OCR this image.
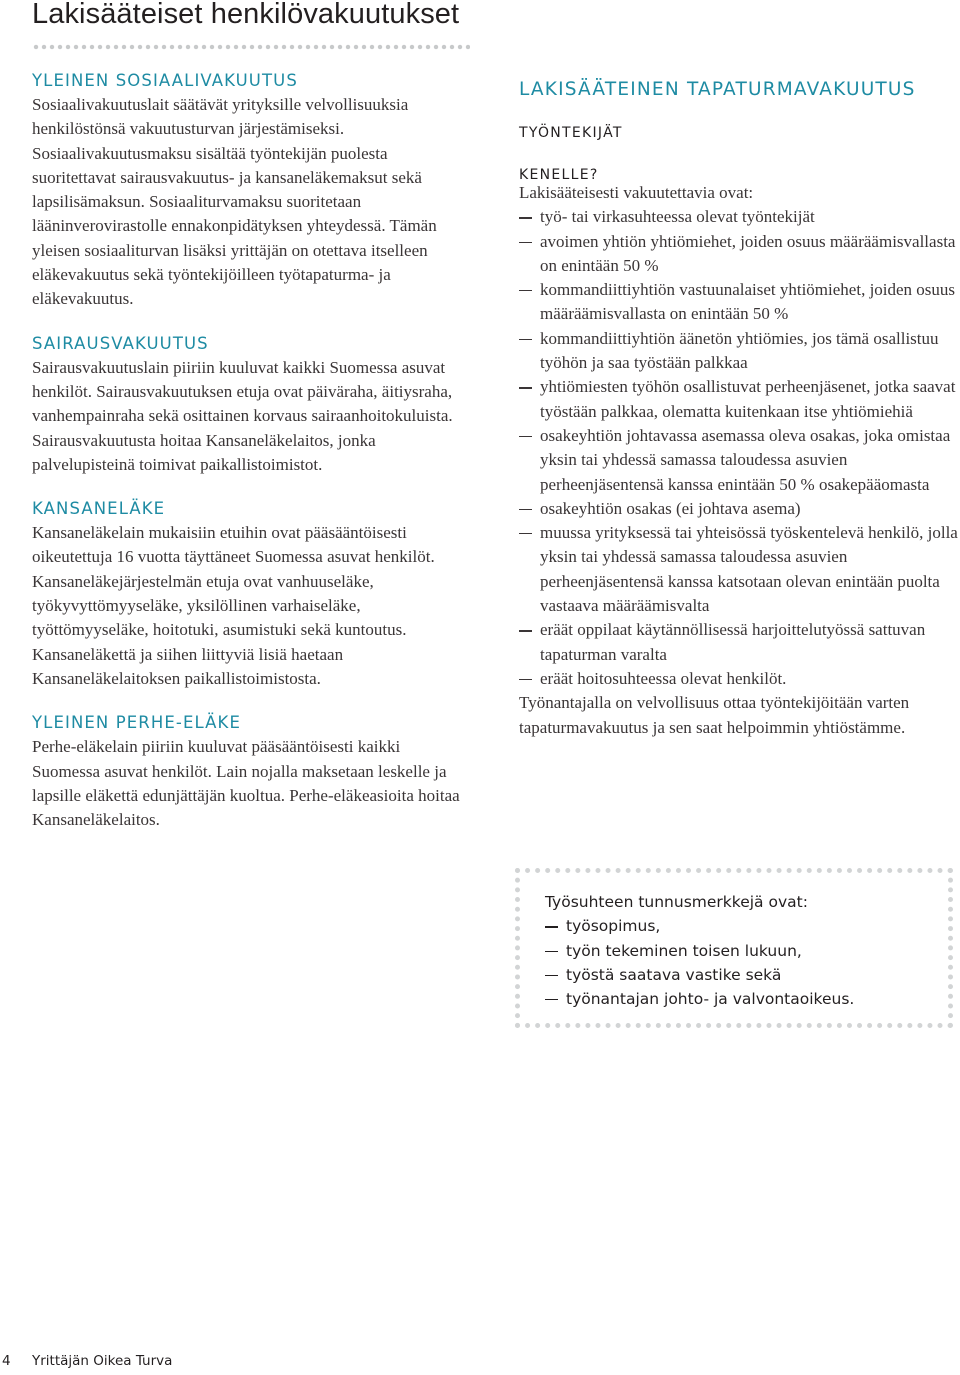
Lakisääteiset henkilövakuutukset
YLEINEN SOSIAALIVAKUUTUS

Sosiaalivakuutuslait säätävät yrityksille velvollisuuksia henkilöstönsä vakuutusturvan järjestämiseksi. Sosiaalivakuutusmaksu sisältää työntekijän puolesta suoritettavat sairausvakuutus- ja kansaneläkemaksut sekä lapsilisämaksun. Sosiaaliturvamaksu suoritetaan lääninverovirastolle ennakonpidätyksen yhteydessä. Tämän yleisen sosiaaliturvan lisäksi yrittäjän on otettava itselleen eläkevakuutus sekä työntekijöilleen työtapaturma- ja eläkevakuutus.

SAIRAUSVAKUUTUS

Sairausvakuutuslain piiriin kuuluvat kaikki Suomessa asuvat henkilöt. Sairausvakuutuksen etuja ovat päiväraha, äitiysraha, vanhempainraha sekä osittainen korvaus sairaanhoitokuluista. Sairausvakuutusta hoitaa Kansaneläkelaitos, jonka palvelupisteinä toimivat paikallistoimistot.

KANSANELÄKE

Kansaneläkelain mukaisiin etuihin ovat pääsääntöisesti oikeutettuja 16 vuotta täyttäneet Suomessa asuvat henkilöt. Kansaneläkejärjestelmän etuja ovat vanhuuseläke, työkyvyttömyyseläke, yksilöllinen varhaiseläke, työttömyyseläke, hoitotuki, asumistuki sekä kuntoutus. Kansaneläkettä ja siihen liittyviä lisiä haetaan Kansaneläkelaitoksen paikallistoimistosta.

YLEINEN PERHE-ELÄKE

Perhe-eläkelain piiriin kuuluvat pääsääntöisesti kaikki Suomessa asuvat henkilöt. Lain nojalla maksetaan leskelle ja lapsille eläkettä edunjättäjän kuoltua. Perhe-eläkeasioita hoitaa Kansaneläkelaitos.

LAKISÄÄTEINEN TAPATURMAVAKUUTUS
TYÖNTEKIJÄT
KENELLE?

Lakisääteisesti vakuutettavia ovat:

työ- tai virkasuhteessa olevat työntekijät
avoimen yhtiön yhtiömiehet, joiden osuus määräämisvallasta on enintään 50 %
kommandiittiyhtiön vastuunalaiset yhtiömiehet, joiden osuus määräämisvallasta on enintään 50 %
kommandiittiyhtiön äänetön yhtiömies, jos tämä osallistuu työhön ja saa työstään palkkaa
yhtiömiesten työhön osallistuvat perheenjäsenet, jotka saavat työstään palkkaa, olematta kuitenkaan itse yhtiömiehiä
osakeyhtiön johtavassa asemassa oleva osakas, joka omistaa yksin tai yhdessä samassa taloudessa asuvien perheenjäsentensä kanssa enintään 50 % osakepääomasta
osakeyhtiön osakas (ei johtava asema)
muussa yrityksessä tai yhteisössä työskentelevä henkilö, jolla yksin tai yhdessä samassa taloudessa asuvien perheenjäsentensä kanssa katsotaan olevan enintään puolta vastaava määräämisvalta
eräät oppilaat käytännöllisessä harjoittelutyössä sattuvan tapaturman varalta
eräät hoitosuhteessa olevat henkilöt.

Työnantajalla on velvollisuus ottaa työntekijöitään varten tapaturmavakuutus ja sen saat helpoimmin yhtiöstämme.

Työsuhteen tunnusmerkkejä ovat:

työsopimus,
työn tekeminen toisen lukuun,
työstä saatava vastike sekä
työnantajan johto- ja valvontaoikeus.
4 Yrittäjän Oikea Turva
